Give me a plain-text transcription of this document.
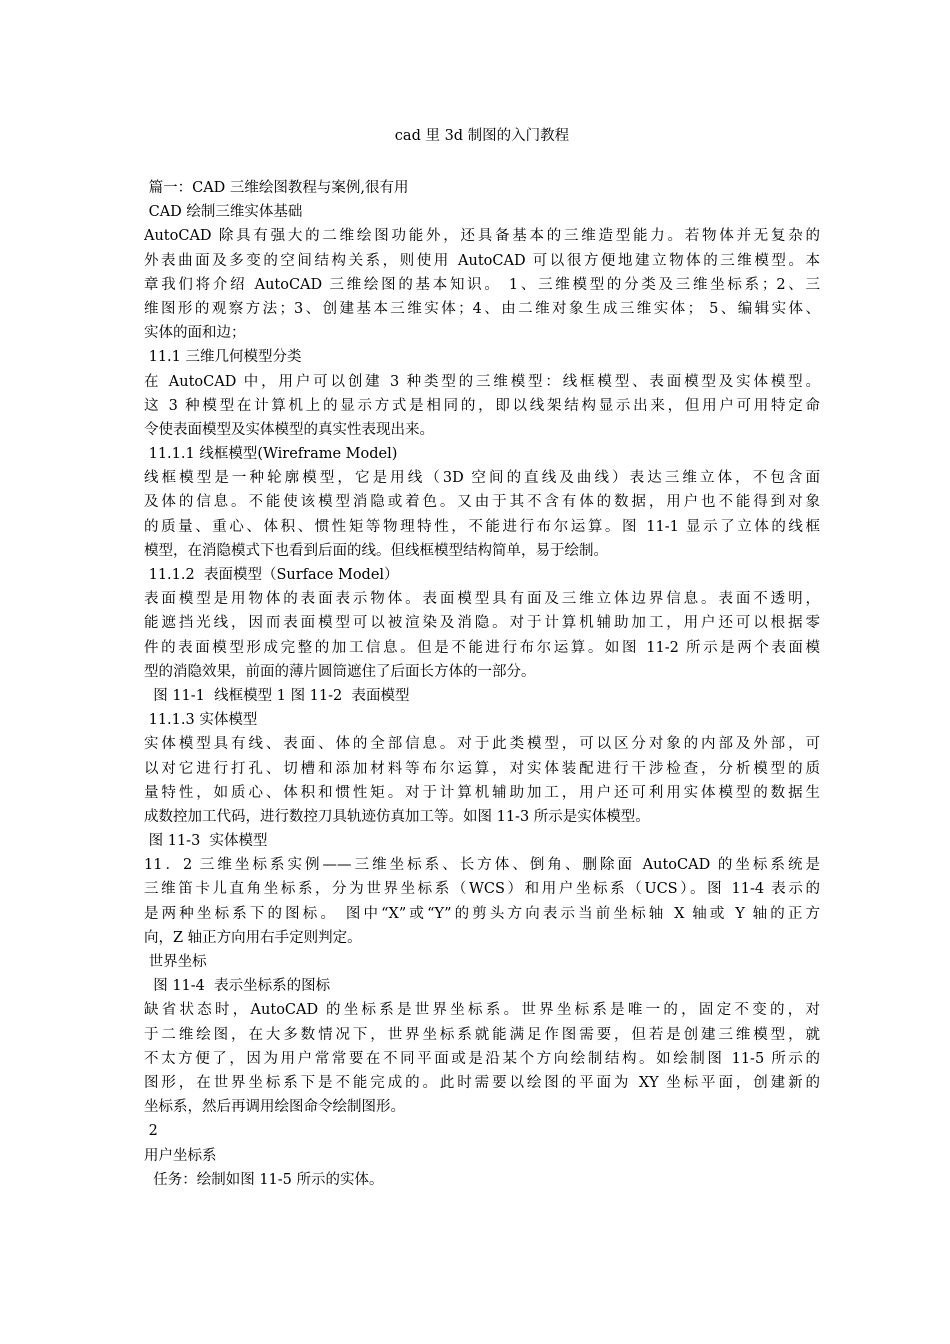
cad 里 3d 制图的入门教程
篇一：CAD 三维绘图教程与案例,很有用
CAD 绘制三维实体基础
AutoCAD 除具有强大的二维绘图功能外，还具备基本的三维造型能力。若物体并无复杂的
外表曲面及多变的空间结构关系，则使用 AutoCAD 可以很方便地建立物体的三维模型。本
章我们将介绍 AutoCAD 三维绘图的基本知识。 1、三维模型的分类及三维坐标系；2、三
维图形的观察方法；3、创建基本三维实体；4、由二维对象生成三维实体； 5、编辑实体、
实体的面和边；
11.1 三维几何模型分类
在 AutoCAD 中，用户可以创建 3 种类型的三维模型：线框模型、表面模型及实体模型。
这 3 种模型在计算机上的显示方式是相同的，即以线架结构显示出来，但用户可用特定命
令使表面模型及实体模型的真实性表现出来。
11.1.1 线框模型(Wireframe Model)
线框模型是一种轮廓模型，它是用线（3D 空间的直线及曲线）表达三维立体，不包含面
及体的信息。不能使该模型消隐或着色。又由于其不含有体的数据，用户也不能得到对象
的质量、重心、体积、惯性矩等物理特性，不能进行布尔运算。图 11-1 显示了立体的线框
模型，在消隐模式下也看到后面的线。但线框模型结构简单，易于绘制。
11.1.2  表面模型（Surface Model）
表面模型是用物体的表面表示物体。表面模型具有面及三维立体边界信息。表面不透明，
能遮挡光线，因而表面模型可以被渲染及消隐。对于计算机辅助加工，用户还可以根据零
件的表面模型形成完整的加工信息。但是不能进行布尔运算。如图 11-2 所示是两个表面模
型的消隐效果，前面的薄片圆筒遮住了后面长方体的一部分。
图 11-1  线框模型 1 图 11-2  表面模型
11.1.3 实体模型
实体模型具有线、表面、体的全部信息。对于此类模型，可以区分对象的内部及外部，可
以对它进行打孔、切槽和添加材料等布尔运算，对实体装配进行干涉检查，分析模型的质
量特性，如质心、体积和惯性矩。对于计算机辅助加工，用户还可利用实体模型的数据生
成数控加工代码，进行数控刀具轨迹仿真加工等。如图 11-3 所示是实体模型。
图 11-3  实体模型
11．2 三维坐标系实例——三维坐标系、长方体、倒角、删除面 AutoCAD 的坐标系统是
三维笛卡儿直角坐标系，分为世界坐标系（WCS）和用户坐标系（UCS）。图 11-4 表示的
是两种坐标系下的图标。 图中“X”或“Y”的剪头方向表示当前坐标轴 X 轴或 Y 轴的正方
向，Z 轴正方向用右手定则判定。
世界坐标
图 11-4  表示坐标系的图标
缺省状态时，AutoCAD 的坐标系是世界坐标系。世界坐标系是唯一的，固定不变的，对
于二维绘图，在大多数情况下，世界坐标系就能满足作图需要，但若是创建三维模型，就
不太方便了，因为用户常常要在不同平面或是沿某个方向绘制结构。如绘制图 11-5 所示的
图形，在世界坐标系下是不能完成的。此时需要以绘图的平面为 XY 坐标平面，创建新的
坐标系，然后再调用绘图命令绘制图形。
2
用户坐标系
任务：绘制如图 11-5 所示的实体。
